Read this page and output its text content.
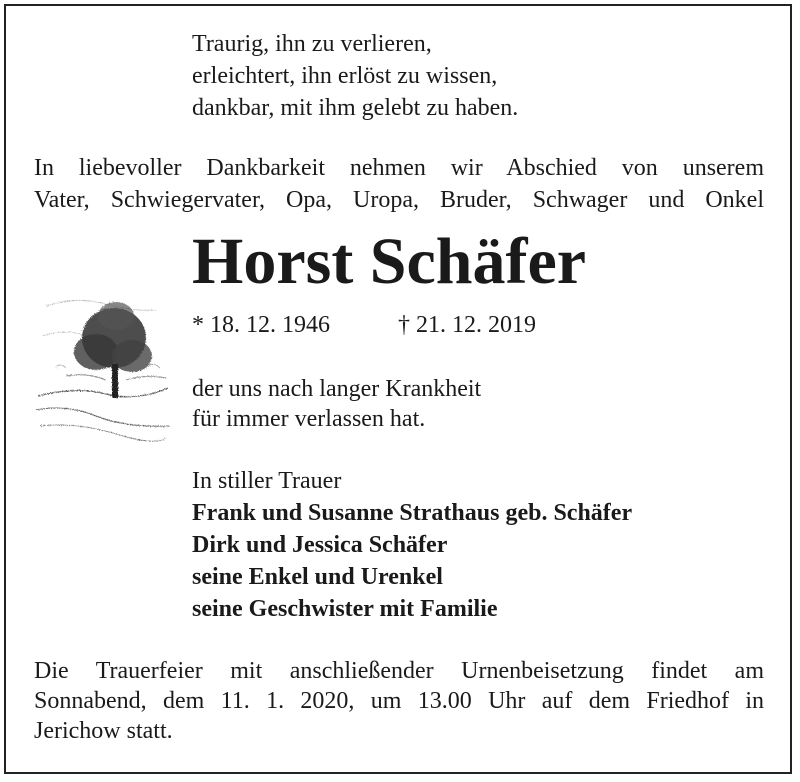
Traurig, ihn zu verlieren,
erleichtert, ihn erlöst zu wissen,
dankbar, mit ihm gelebt zu haben.
In liebevoller Dankbarkeit nehmen wir Abschied von unserem
Vater, Schwiegervater, Opa, Uropa, Bruder, Schwager und Onkel
Horst Schäfer
* 18. 12. 1946	† 21. 12. 2019
der uns nach langer Krankheit
für immer verlassen hat.
In stiller Trauer
Frank und Susanne Strathaus geb. Schäfer
Dirk und Jessica Schäfer
seine Enkel und Urenkel
seine Geschwister mit Familie
Die Trauerfeier mit anschließender Urnenbeisetzung findet am
Sonnabend, dem 11. 1. 2020, um 13.00 Uhr auf dem Friedhof in
Jerichow statt.
